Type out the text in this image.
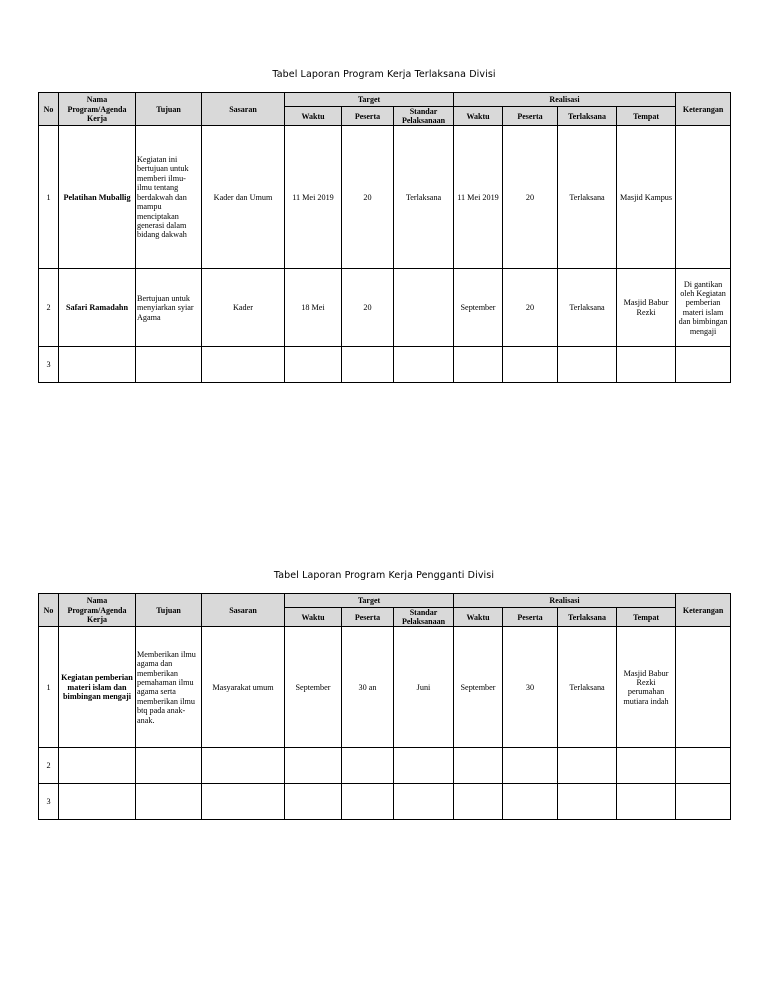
Tabel Laporan Program Kerja Terlaksana Divisi
No	Nama Program/Agenda Kerja	Tujuan	Sasaran	Target			Realisasi				Keterangan
				Waktu	Peserta	Standar Pelaksanaan	Waktu	Peserta	Terlaksana	Tempat	
1	Pelatihan Muballig	Kegiatan ini bertujuan untuk memberi ilmu-ilmu tentang berdakwah dan mampu menciptakan generasi dalam bidang dakwah	Kader dan Umum	11 Mei 2019	20	Terlaksana	11 Mei 2019	20	Terlaksana	Masjid Kampus	
2	Safari Ramadahn	Bertujuan untuk menyiarkan syiar Agama	Kader	18 Mei	20		September	20	Terlaksana	Masjid Babur Rezki	Di gantikan oleh Kegiatan pemberian materi islam dan bimbingan mengaji
3											
Tabel Laporan Program Kerja Pengganti Divisi
No	Nama Program/Agenda Kerja	Tujuan	Sasaran	Target			Realisasi				Keterangan
				Waktu	Peserta	Standar Pelaksanaan	Waktu	Peserta	Terlaksana	Tempat	
1	Kegiatan pemberian materi islam dan bimbingan mengaji	Memberikan ilmu agama dan memberikan pemahaman ilmu agama serta memberikan ilmu btq pada anak-anak.	Masyarakat umum	September	30 an	Juni	September	30	Terlaksana	Masjid Babur Rezki perumahan mutiara indah	
2											
3											
